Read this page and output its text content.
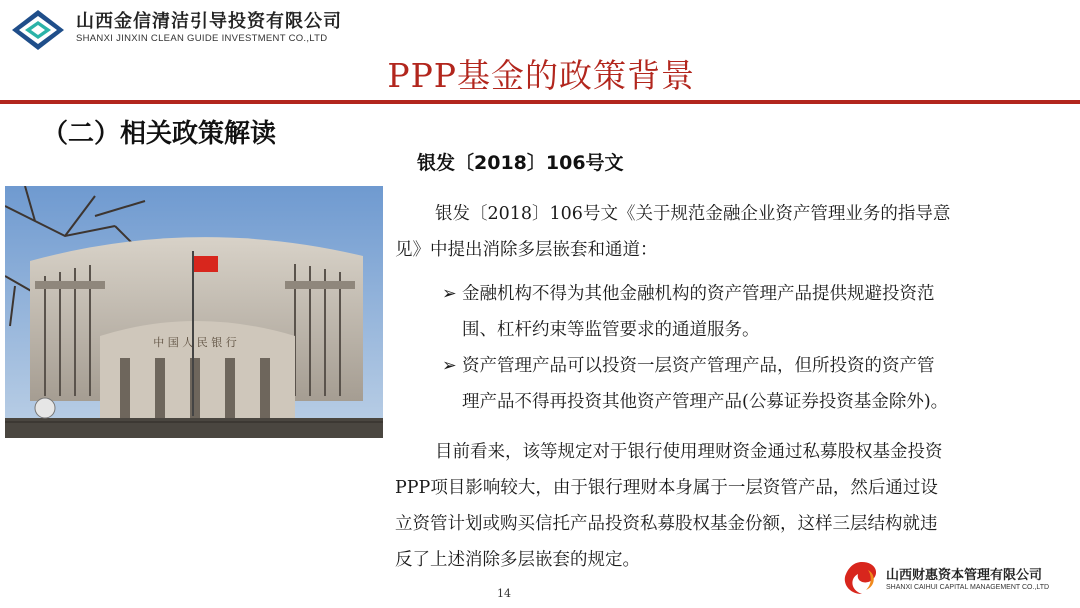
山西金信清洁引导投资有限公司
SHANXI JINXIN CLEAN GUIDE INVESTMENT CO.,LTD
PPP基金的政策背景
（二）相关政策解读
银发〔2018〕106号文
中 国 人 民 银 行
银发〔2018〕106号文《关于规范金融企业资产管理业务的指导意
见》中提出消除多层嵌套和通道：
➢ 金融机构不得为其他金融机构的资产管理产品提供规避投资范
围、杠杆约束等监管要求的通道服务。
➢ 资产管理产品可以投资一层资产管理产品，但所投资的资产管
理产品不得再投资其他资产管理产品(公募证券投资基金除外)。
目前看来，该等规定对于银行使用理财资金通过私募股权基金投资
PPP项目影响较大，由于银行理财本身属于一层资管产品，然后通过设
立资管计划或购买信托产品投资私募股权基金份额，这样三层结构就违
反了上述消除多层嵌套的规定。
14
山西财惠资本管理有限公司
SHANXI CAIHUI CAPITAL MANAGEMENT CO.,LTD
